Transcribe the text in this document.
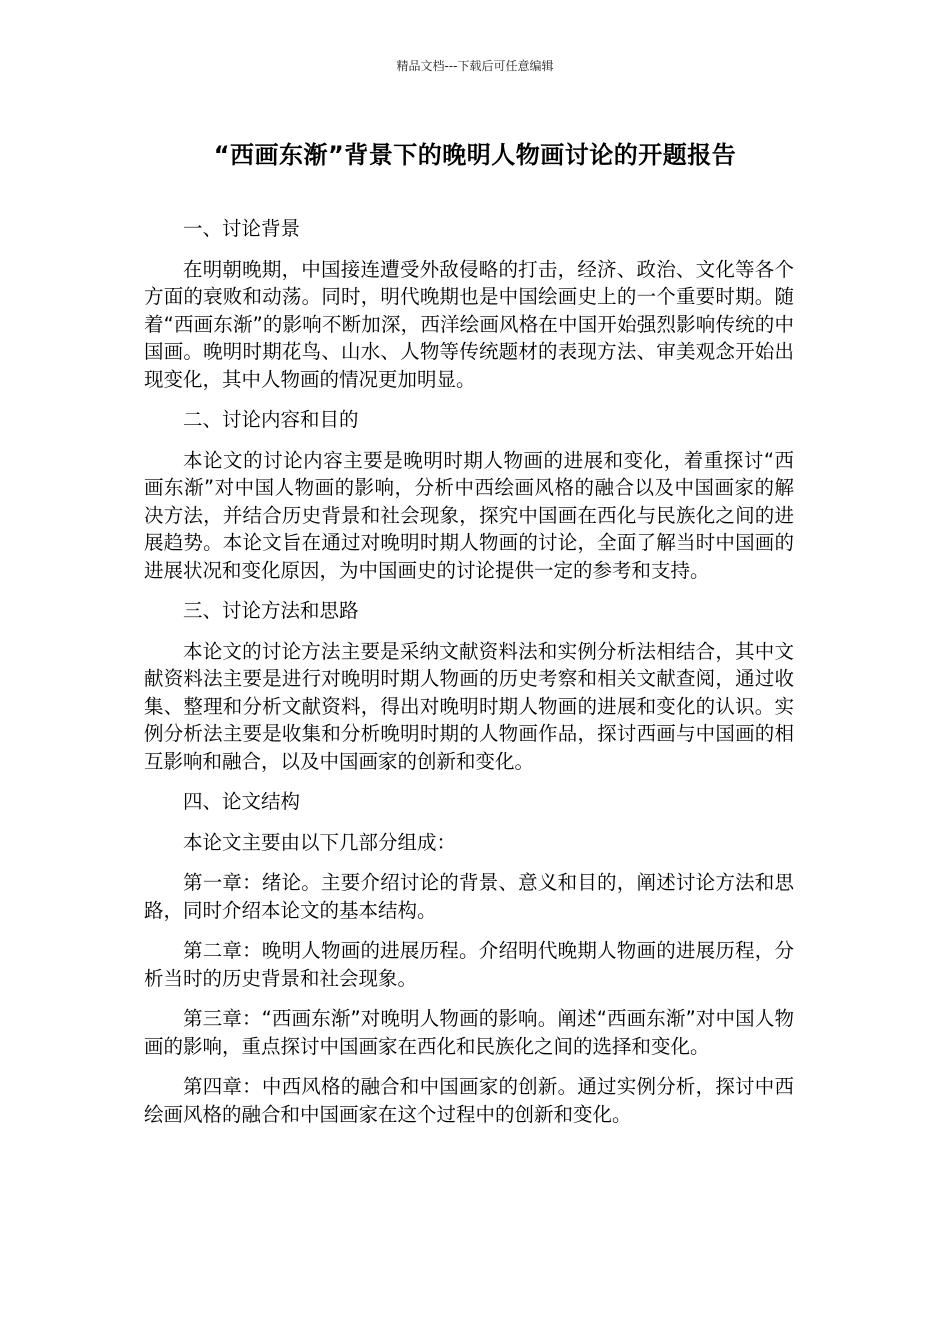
精品文档---下载后可任意编辑
“西画东渐”背景下的晚明人物画讨论的开题报告

一、讨论背景

在明朝晚期，中国接连遭受外敌侵略的打击，经济、政治、文化等各个方面的衰败和动荡。同时，明代晚期也是中国绘画史上的一个重要时期。随着“西画东渐”的影响不断加深，西洋绘画风格在中国开始强烈影响传统的中国画。晚明时期花鸟、山水、人物等传统题材的表现方法、审美观念开始出现变化，其中人物画的情况更加明显。

二、讨论内容和目的

本论文的讨论内容主要是晚明时期人物画的进展和变化，着重探讨“西画东渐”对中国人物画的影响，分析中西绘画风格的融合以及中国画家的解决方法，并结合历史背景和社会现象，探究中国画在西化与民族化之间的进展趋势。本论文旨在通过对晚明时期人物画的讨论，全面了解当时中国画的进展状况和变化原因，为中国画史的讨论提供一定的参考和支持。

三、讨论方法和思路

本论文的讨论方法主要是采纳文献资料法和实例分析法相结合，其中文献资料法主要是进行对晚明时期人物画的历史考察和相关文献查阅，通过收集、整理和分析文献资料，得出对晚明时期人物画的进展和变化的认识。实例分析法主要是收集和分析晚明时期的人物画作品，探讨西画与中国画的相互影响和融合，以及中国画家的创新和变化。

四、论文结构

本论文主要由以下几部分组成：

第一章：绪论。主要介绍讨论的背景、意义和目的，阐述讨论方法和思路，同时介绍本论文的基本结构。

第二章：晚明人物画的进展历程。介绍明代晚期人物画的进展历程，分析当时的历史背景和社会现象。

第三章：“西画东渐”对晚明人物画的影响。阐述“西画东渐”对中国人物画的影响，重点探讨中国画家在西化和民族化之间的选择和变化。

第四章：中西风格的融合和中国画家的创新。通过实例分析，探讨中西绘画风格的融合和中国画家在这个过程中的创新和变化。
